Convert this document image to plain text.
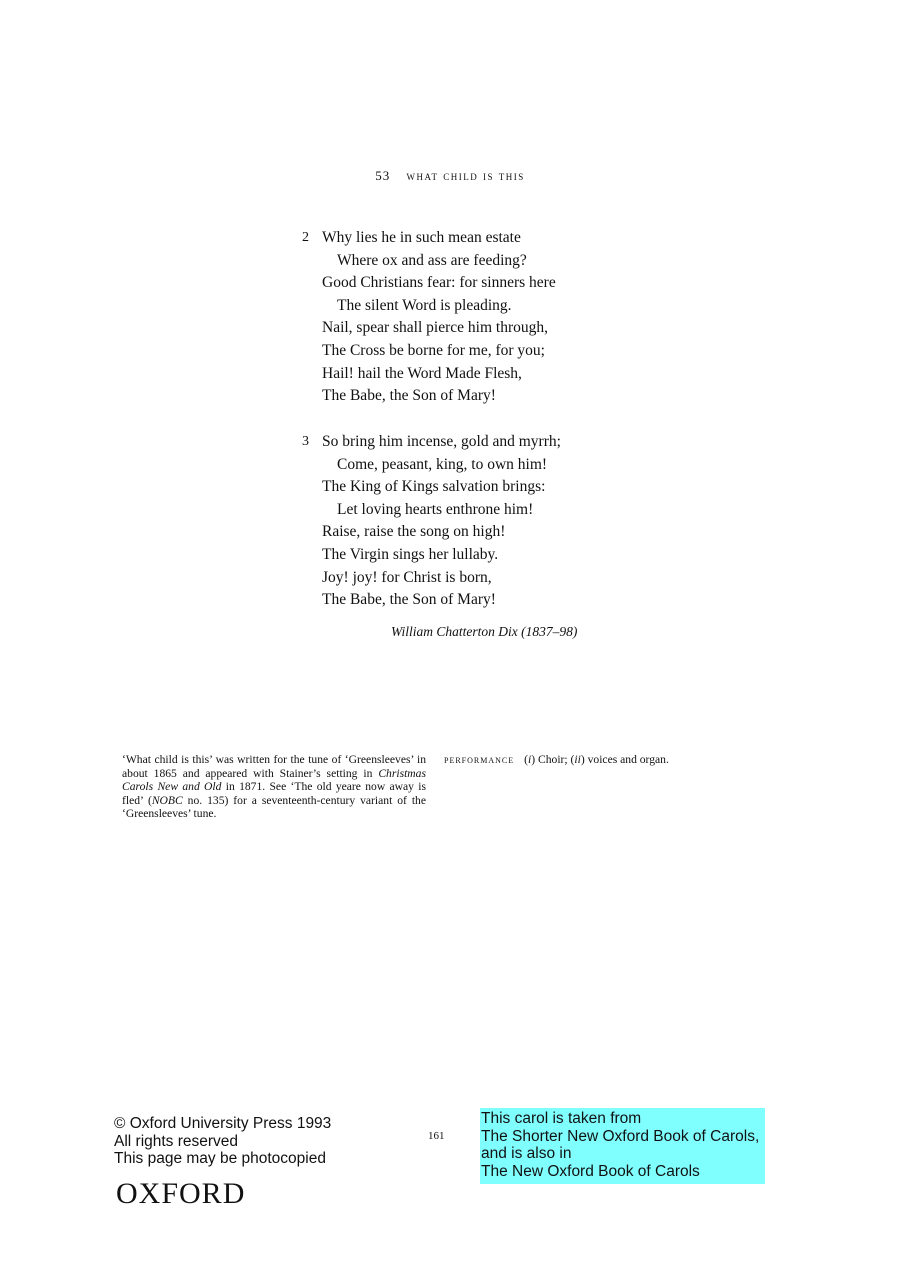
53 what child is this
2 Why lies he in such mean estate
Where ox and ass are feeding?
Good Christians fear: for sinners here
The silent Word is pleading.
Nail, spear shall pierce him through,
The Cross be borne for me, for you;
Hail! hail the Word Made Flesh,
The Babe, the Son of Mary!
3 So bring him incense, gold and myrrh;
Come, peasant, king, to own him!
The King of Kings salvation brings:
Let loving hearts enthrone him!
Raise, raise the song on high!
The Virgin sings her lullaby.
Joy! joy! for Christ is born,
The Babe, the Son of Mary!
William Chatterton Dix (1837–98)
‘What child is this’ was written for the tune of ‘Greensleeves’ in about 1865 and appeared with Stainer’s setting in Christmas Carols New and Old in 1871. See ‘The old yeare now away is fled’ (NOBC no. 135) for a seventeenth-century variant of the ‘Greensleeves’ tune.
performance (i) Choir; (ii) voices and organ.
© Oxford University Press 1993
All rights reserved
This page may be photocopied
OXFORD
161
This carol is taken from
The Shorter New Oxford Book of Carols,
and is also in
The New Oxford Book of Carols
